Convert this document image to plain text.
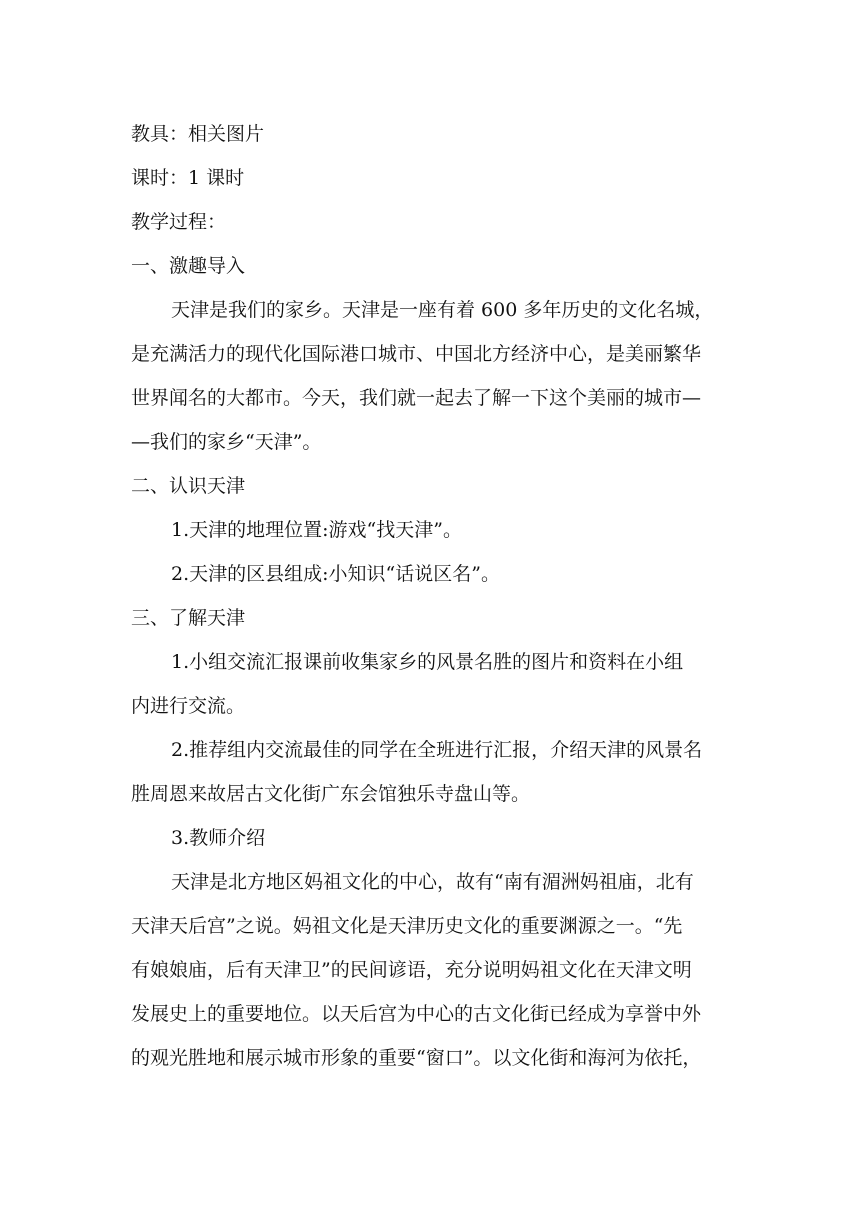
教具：相关图片
课时：1 课时
教学过程：
一、激趣导入
天津是我们的家乡。天津是一座有着 600 多年历史的文化名城，
是充满活力的现代化国际港口城市、中国北方经济中心，是美丽繁华
世界闻名的大都市。今天，我们就一起去了解一下这个美丽的城市—
—我们的家乡“天津”。
二、认识天津
1.天津的地理位置:游戏“找天津”。
2.天津的区县组成:小知识“话说区名”。
三、了解天津
1.小组交流汇报课前收集家乡的风景名胜的图片和资料在小组
内进行交流。
2.推荐组内交流最佳的同学在全班进行汇报，介绍天津的风景名
胜周恩来故居古文化街广东会馆独乐寺盘山等。
3.教师介绍
天津是北方地区妈祖文化的中心，故有“南有湄洲妈祖庙，北有
天津天后宫”之说。妈祖文化是天津历史文化的重要渊源之一。“先
有娘娘庙，后有天津卫”的民间谚语，充分说明妈祖文化在天津文明
发展史上的重要地位。以天后宫为中心的古文化街已经成为享誉中外
的观光胜地和展示城市形象的重要“窗口”。以文化街和海河为依托，
